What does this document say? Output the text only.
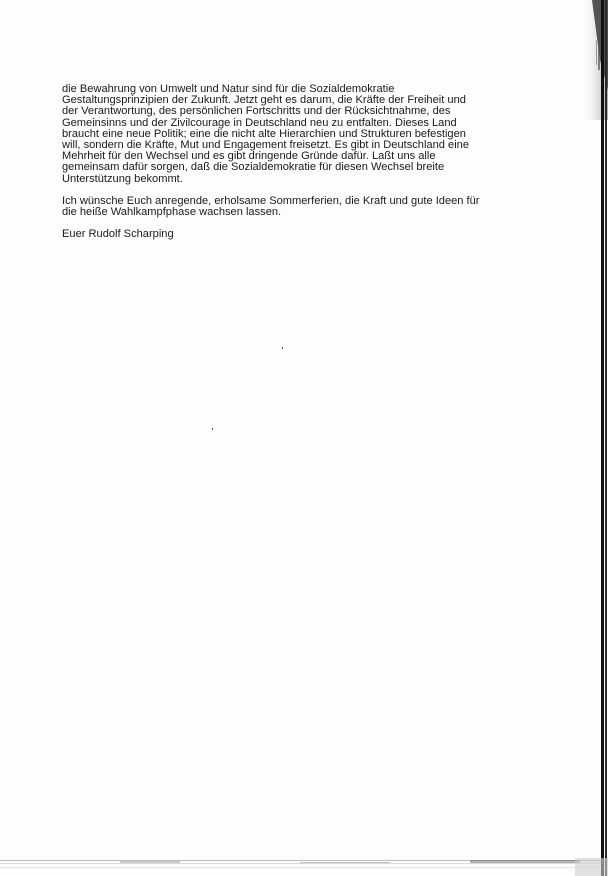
die Bewahrung von Umwelt und Natur sind für die Sozialdemokratie
Gestaltungsprinzipien der Zukunft. Jetzt geht es darum, die Kräfte der Freiheit und
der Verantwortung, des persönlichen Fortschritts und der Rücksichtnahme, des
Gemeinsinns und der Zivilcourage in Deutschland neu zu entfalten. Dieses Land
braucht eine neue Politik; eine die nicht alte Hierarchien und Strukturen befestigen
will, sondern die Kräfte, Mut und Engagement freisetzt. Es gibt in Deutschland eine
Mehrheit für den Wechsel und es gibt dringende Gründe dafür. Laßt uns alle
gemeinsam dafür sorgen, daß die Sozialdemokratie für diesen Wechsel breite
Unterstützung bekommt.

Ich wünsche Euch anregende, erholsame Sommerferien, die Kraft und gute Ideen für
die heiße Wahlkampfphase wachsen lassen.

Euer Rudolf Scharping
